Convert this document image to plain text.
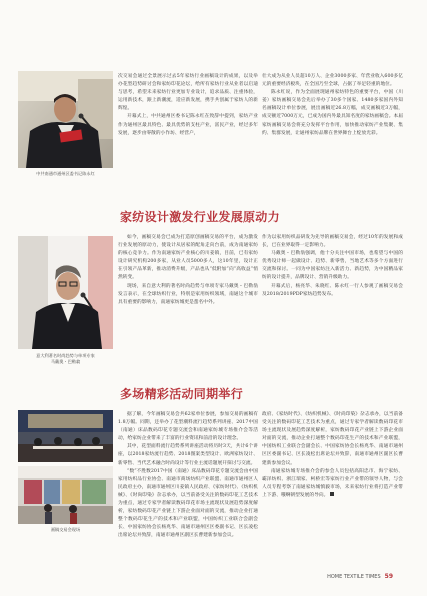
中共南通市通州区委书记陈永红

次交易会通过全景展示过去5年家纺行业画稿设计的成果，以及举办花型趋势研讨会和家纺印花论坛，给所有家纺行业从业者以启迪与思考，希望未来家纺行业更加专业设计，追求品质、注重体验，运用新技术，跟上新潮流，适应新发展，携手共创属于家纺人的新辉煌。

开幕式上，中共通州区委书记陈永红在致辞中提到，家纺产业作为通州区最具特色、最具优势的支柱产业，富民产业，经过多年发展，逐步由零散的小作坊、经营户，

壮大成为从业人员超10万人、企业3000多家、年营业收入600多亿元的重要经济板块，在全国乃至全球，占据了举足轻重的地位。

陈永红说，作为全面展现通州家纺特色的重要平台，中国（川姜）家纺画稿交易会先后举办了30多个国家、1480多家国内外知名画稿设计单位参展，展出画稿近26.8万幅，成交画稿近3万幅，成交额近7000万元，已成为国内外最具知名度的家纺画稿会。本届家纺画稿交易会将充分发挥平台作用，加快推动家纺产业集聚、集约、集群发展，让通州家纺品牌在世界舞台上绽放光彩。

家纺设计激发行业发展原动力
意大利著名时尚趋势与单项专家
马戴奥・巴勒翁

如今，画稿交易会已成为打造原创画稿交易的平台，成为激发行业发展的原动力，使设计从居家的配角走向台前，成为南通家纺的核心竞争力。作为南通家纺产业核心的川姜镇，目前，已有家纺设计研究机构200多家，从业人员5000多人，这10年里，设计正在引领产品革新，推动消费升级，产品也从“低附加”向“高收益”悄然转变。

现场，来自意大利的著名时尚趋势与单项专家马戴奥・巴勒翁发言表示，在全球纺织行业，特别是家用纺织领域，南通这个城市具有重要的影响力，南通家纺城更是蜚名中外。

作为以家用纺织品研发为先导的画稿交易会，经过10年的发展和成长，已在业界取得一定影响力。

马戴奥・巴勒翁强调，他十分关注中国市场，也希望与中国的优秀设计师一起做设计、趋势、新零售，当地艺术等多个方面进行交流和探讨。一同为中国家纺注入新活力、新趋势，为中国精品家纺的设计提升，品牌设计、营销升级助力。

开幕式后，杨亮华、朱晓红、陈永红一行人参观了画稿交易会及2018/2019PDP家纺趋势发布。

多场精彩活动同期举行
画稿交易会现场

据了解，今年画稿交易会共62家单位参展，参加交易的画稿有1.8万幅。同期，还举办了花型潮料流行趋势系列讲座、2017中国（南通）床品数码印花专题交流会和南通家纺城专场推介会等活动，给家纺企业带来了丰富的行业资讯和前沿的设计理念。

其中，花型面料流行趋势系列讲座活动将历时3天，共计6个讲座，以2018家纺流行趋势、2018图案类型设计、欧洲家纺设计、新零售、当代艺术融合时尚设计等行业主流话题展开探讨与交流。

“数”不胜数2017中国（南通）床品数码印花专题交流会由中国家用纺织品行业协会、南通市商场纺织产业联盟、南通市通州区人民政府主办，南通市通州区川姜镇人民政府、《家纺时代》、《纺织机械》、《时尚印染》杂志承办，以当前备受关注的数码印花工艺技术为重点，通过专家学者解读数码印花市场主流现状及展趋势深度解析，家纺数码印花产业链上下游企业面对面的交流，推动企业打通整个数码印花生产的技术和产业联盟，中国纺织工业联合会副会长、中国家纺协会长杨兆华、南通市通州区区委副书记、区长凌松出席论坛并致辞，南通市通州区副区长曹建新参加会议。

政府、《家纺时代》、《纺织机械》、《时尚印染》杂志承办，以当前备受关注的数码印花工艺技术为重点，通过专家学者解读数码印花市场主流现状及展趋势深度解析，家纺数码印花产业链上下游企业面对面的交流，推动企业打通整个数码印花生产的技术和产业联盟，中国纺织工业联合会副会长、中国家纺协会长杨兆华、南通市通州区区委副书记、区长凌松出席论坛并致辞，南通市通州区副区长曹建新参加会议。

南通家纺城专场推介会的参会人员包括高阳忠市、海宁家纺、霸泽纺织、浙江瑞家、柯桥宏等家纺行业产业带的领导人物，与会人员专程考察了南通家纺城慎毅市场，未来家纺行业将打造产业带上下游、哦啊朝型发展的导向。

HOME TEXTILE TIMES 59
